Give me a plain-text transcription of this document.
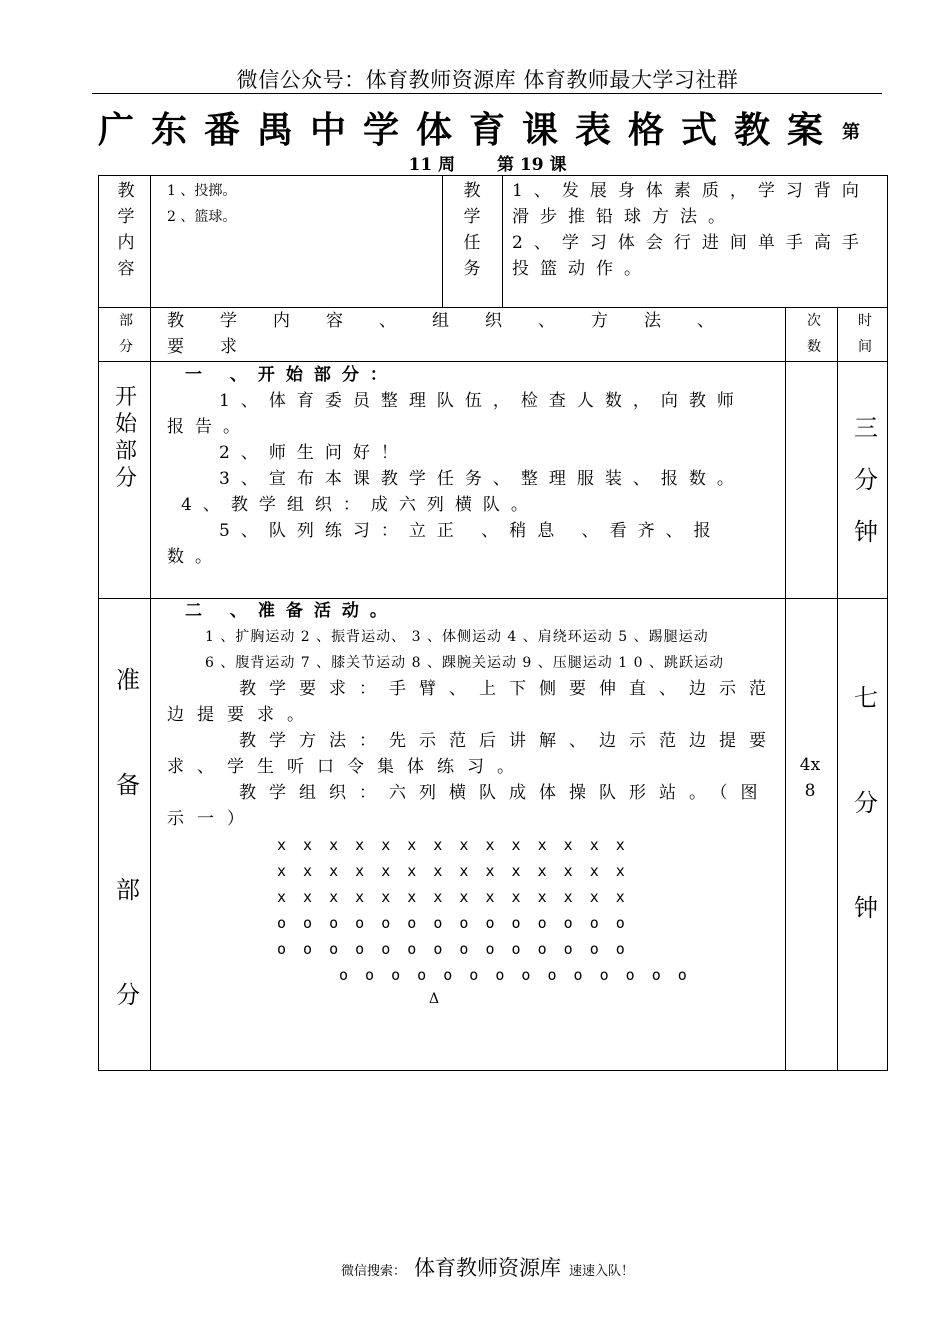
微信公众号：体育教师资源库 体育教师最大学习社群
广东番禺中学体育课表格式教案 第
11 周 第 19 课
教学内容
1 、投掷。
2 、篮球。
教学任务
1、发展身体素质，学习背向滑步推铅球方法。
2、学习体会行进间单手高手投篮动作。
部分
教学内容、组织、方法、要求
次数
时间
开始部分
一 、开始部分：
1、体育委员整理队伍，检查人数，向教师报告。
2、师生问好！
3、宣布本课教学任务、整理服装、报数。
4、教学组织：成六列横队。
5、队列练习：立正 、稍息 、看齐、报数。
三分钟
准备部分
二 、准备活动。
1 、扩胸运动 2 、振背运动、 3 、体侧运动 4 、肩绕环运动 5 、踢腿运动
6 、腹背运动 7 、膝关节运动 8 、踝腕关运动 9 、压腿运动 1 0 、跳跃运动
教学要求：手臂、上下侧要伸直、边示范边提要求。
教学方法：先示范后讲解、边示范边提要求、学生听口令集体练习。
教学组织：六列横队成体操队形站。（图示一）
x x x x x x x x x x x x x x
x x x x x x x x x x x x x x
x x x x x x x x x x x x x x
o o o o o o o o o o o o o o
o o o o o o o o o o o o o o
o o o o o o o o o o o o o o
Δ
4x8
七分钟
微信搜索： 体育教师资源库 速速入队！
